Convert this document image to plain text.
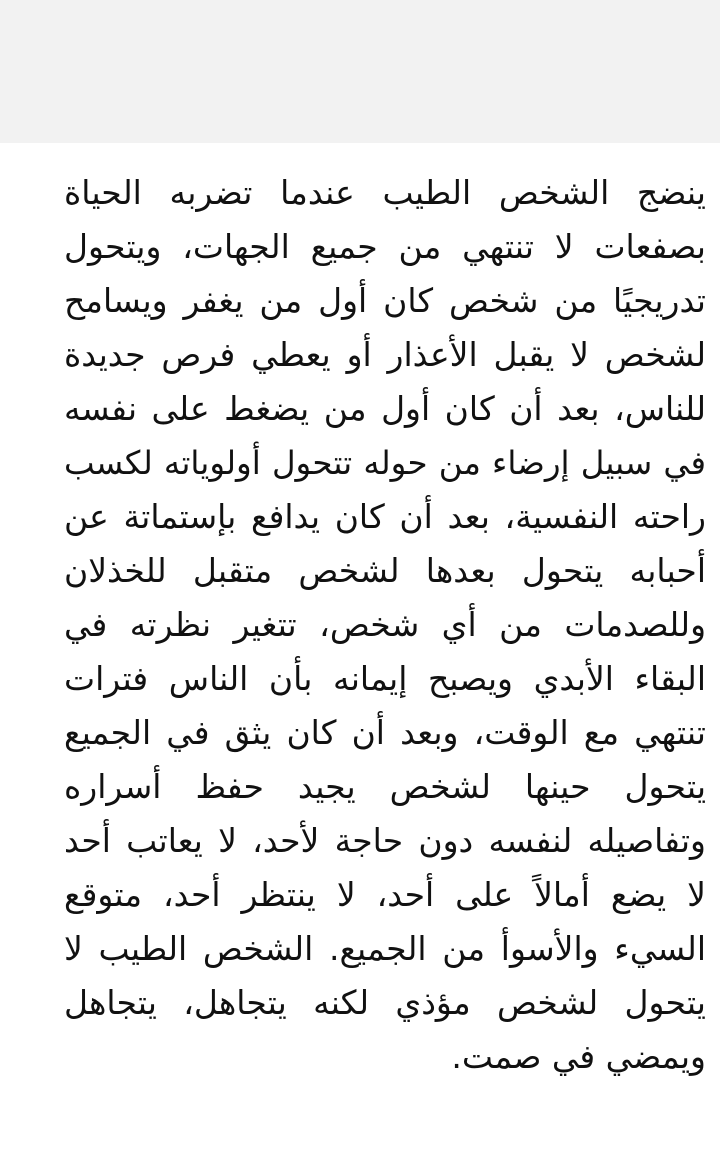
ينضج الشخص الطيب عندما تضربه الحياة
بصفعات لا تنتهي من جميع الجهات، ويتحول
تدريجيًا من شخص كان أول من يغفر ويسامح
لشخص لا يقبل الأعذار أو يعطي فرص جديدة
للناس، بعد أن كان أول من يضغط على نفسه
في سبيل إرضاء من حوله تتحول أولوياته لكسب
راحته النفسية، بعد أن كان يدافع بإستماتة عن
أحبابه يتحول بعدها لشخص متقبل للخذلان
وللصدمات من أي شخص، تتغير نظرته في
البقاء الأبدي ويصبح إيمانه بأن الناس فترات
تنتهي مع الوقت، وبعد أن كان يثق في الجميع
يتحول حينها لشخص يجيد حفظ أسراره
وتفاصيله لنفسه دون حاجة لأحد، لا يعاتب أحد
لا يضع أمالاً على أحد، لا ينتظر أحد، متوقع
السيء والأسوأ من الجميع. الشخص الطيب لا
يتحول لشخص مؤذي لكنه يتجاهل، يتجاهل
ويمضي في صمت.
